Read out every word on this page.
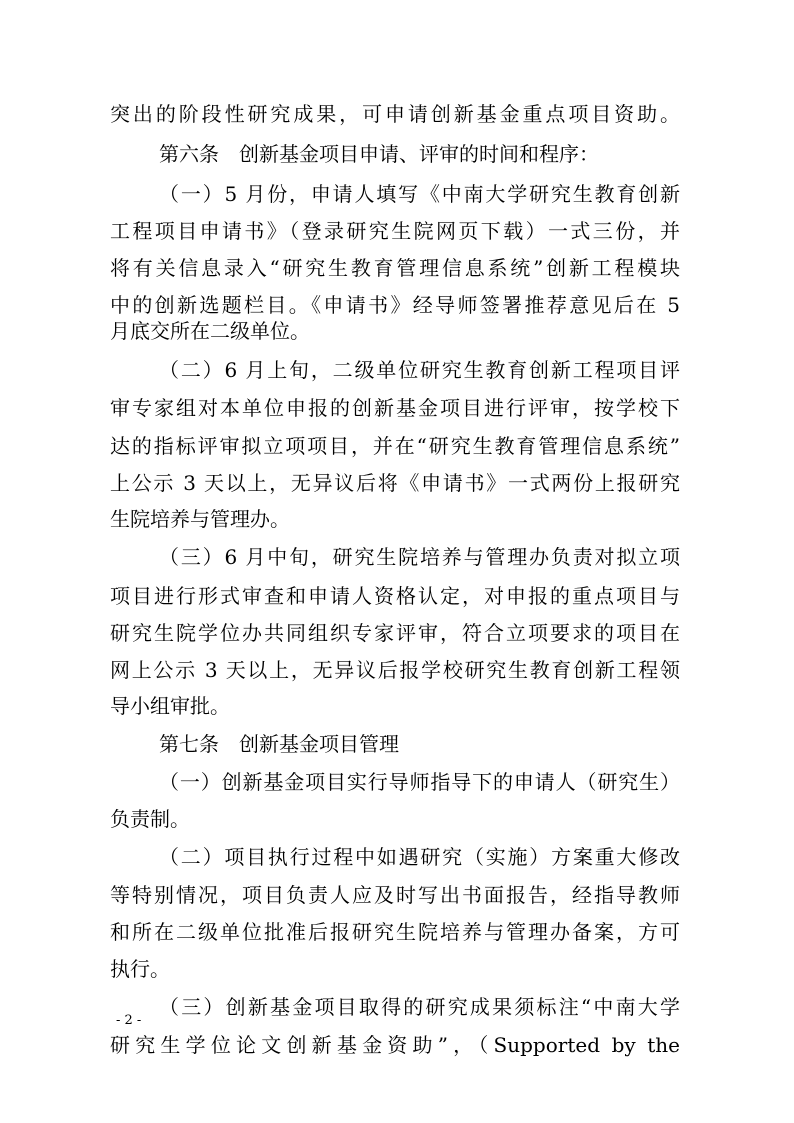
突出的阶段性研究成果，可申请创新基金重点项目资助。
第六条　创新基金项目申请、评审的时间和程序：
（一）5 月份，申请人填写《中南大学研究生教育创新
工程项目申请书》（登录研究生院网页下载）一式三份，并
将有关信息录入“研究生教育管理信息系统”创新工程模块
中的创新选题栏目。《申请书》经导师签署推荐意见后在 5
月底交所在二级单位。
（二）6 月上旬，二级单位研究生教育创新工程项目评
审专家组对本单位申报的创新基金项目进行评审，按学校下
达的指标评审拟立项项目，并在“研究生教育管理信息系统”
上公示 3 天以上，无异议后将《申请书》一式两份上报研究
生院培养与管理办。
（三）6 月中旬，研究生院培养与管理办负责对拟立项
项目进行形式审查和申请人资格认定，对申报的重点项目与
研究生院学位办共同组织专家评审，符合立项要求的项目在
网上公示 3 天以上，无异议后报学校研究生教育创新工程领
导小组审批。
第七条　创新基金项目管理
（一）创新基金项目实行导师指导下的申请人（研究生）
负责制。
（二）项目执行过程中如遇研究（实施）方案重大修改
等特别情况，项目负责人应及时写出书面报告，经指导教师
和所在二级单位批准后报研究生院培养与管理办备案，方可
执行。
（三）创新基金项目取得的研究成果须标注“中南大学
研究生学位论文创新基金资助”，（Supported by the
- 2 -
